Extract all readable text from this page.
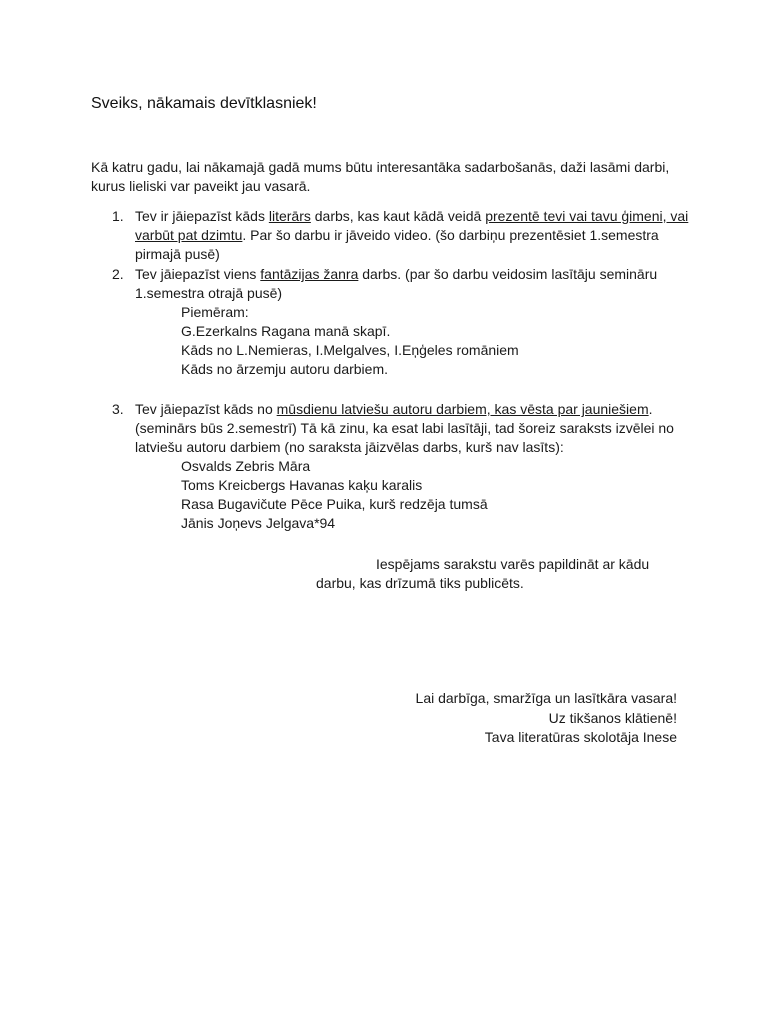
Sveiks, nākamais devītklasniek!
Kā katru gadu, lai nākamajā gadā mums būtu interesantāka sadarbošanās, daži lasāmi darbi, kurus lieliski var paveikt jau vasarā.
1. Tev ir jāiepazīst kāds literārs darbs, kas kaut kādā veidā prezentē tevi vai tavu ģimeni, vai varbūt pat dzimtu. Par šo darbu ir jāveido video. (šo darbiņu prezentēsiet 1.semestra pirmajā pusē)
2. Tev jāiepazīst viens fantāzijas žanra darbs. (par šo darbu veidosim lasītāju semināru 1.semestra otrajā pusē)
Piemēram:
G.Ezerkalns Ragana manā skapī.
Kāds no L.Nemieras, I.Melgalves, I.Eņģeles romāniem
Kāds no ārzemju autoru darbiem.
3. Tev jāiepazīst kāds no mūsdienu latviešu autoru darbiem, kas vēsta par jauniešiem. (seminārs būs 2.semestrī) Tā kā zinu, ka esat labi lasītāji, tad šoreiz saraksts izvēlei no latviešu autoru darbiem (no saraksta jāizvēlas darbs, kurš nav lasīts):
Osvalds Zebris Māra
Toms Kreicbergs Havanas kaķu karalis
Rasa Bugavičute Pēce Puika, kurš redzēja tumsā
Jānis Joņevs Jelgava*94
Iespējams sarakstu varēs papildināt ar kādu
darbu, kas drīzumā tiks publicēts.
Lai darbīga, smaržīga un lasītkāra vasara!
Uz tikšanos klātienē!
Tava literatūras skolotāja Inese
